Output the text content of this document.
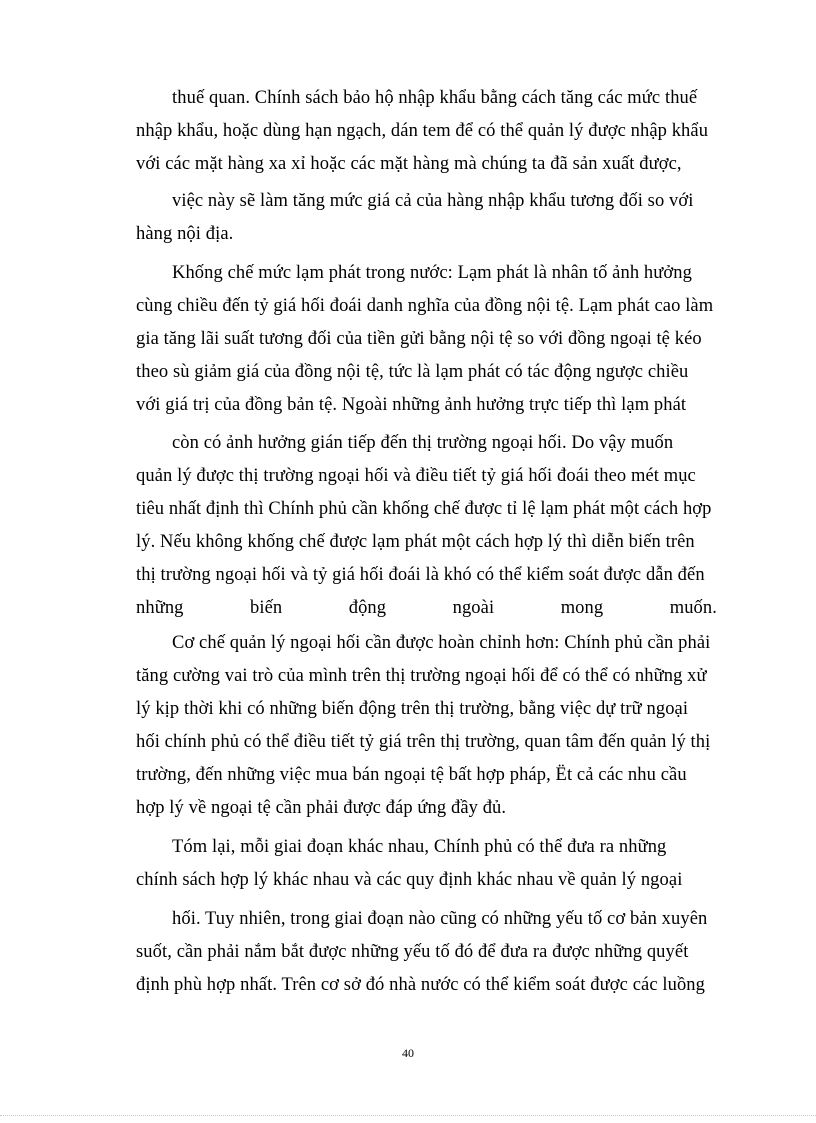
thuế quan. Chính sách bảo hộ nhập khẩu bằng cách tăng các mức thuế
nhập khẩu, hoặc dùng hạn ngạch, dán tem để có thể quản lý được nhập khẩu
với các mặt hàng xa xỉ hoặc các mặt hàng mà chúng ta đã sản xuất được,
việc này sẽ làm tăng mức giá cả của hàng nhập khẩu tương đối so với
hàng nội địa.
Khống chế mức lạm phát trong nước: Lạm phát là nhân tố ảnh hưởng
cùng chiều đến tỷ giá hối đoái danh nghĩa của đồng nội tệ. Lạm phát cao làm
gia tăng lãi suất tương đối của tiền gửi bằng nội tệ so với đồng ngoại tệ kéo
theo sù giảm giá của đồng nội tệ, tức là lạm phát có tác động ngược chiều
với giá trị của đồng bản tệ. Ngoài những ảnh hưởng trực tiếp thì lạm phát
còn có ảnh hưởng gián tiếp đến thị trường ngoại hối. Do vậy muốn
quản lý được thị trường ngoại hối và điều tiết tỷ giá hối đoái theo mét mục
tiêu nhất định thì Chính phủ cần khống chế được tỉ lệ lạm phát một cách hợp
lý. Nếu không khống chế được lạm phát một cách hợp lý thì diễn biến trên
thị trường ngoại hối và tỷ giá hối đoái là khó có thể kiểm soát được dẫn đến
những	biến	động	ngoài	mong	muốn.
Cơ chế quản lý ngoại hối cần được hoàn chỉnh hơn: Chính phủ cần phải
tăng cường vai trò của mình trên thị trường ngoại hối để có thể có những xử
lý kịp thời khi có những biến động trên thị trường, bằng việc dự trữ ngoại
hối chính phủ có thể điều tiết tỷ giá trên thị trường, quan tâm đến quản lý thị
trường, đến những việc mua bán ngoại tệ bất hợp pháp, Ët cả các nhu cầu
hợp lý về ngoại tệ cần phải được đáp ứng đầy đủ.
Tóm lại, mỗi giai đoạn khác nhau, Chính phủ có thể đưa ra những
chính sách hợp lý khác nhau và các quy định khác nhau về quản lý ngoại
hối. Tuy nhiên, trong giai đoạn nào cũng có những yếu tố cơ bản xuyên
suốt, cần phải nắm bắt được những yếu tố đó để đưa ra được những quyết
định phù hợp nhất. Trên cơ sở đó nhà nước có thể kiểm soát được các luồng
40
